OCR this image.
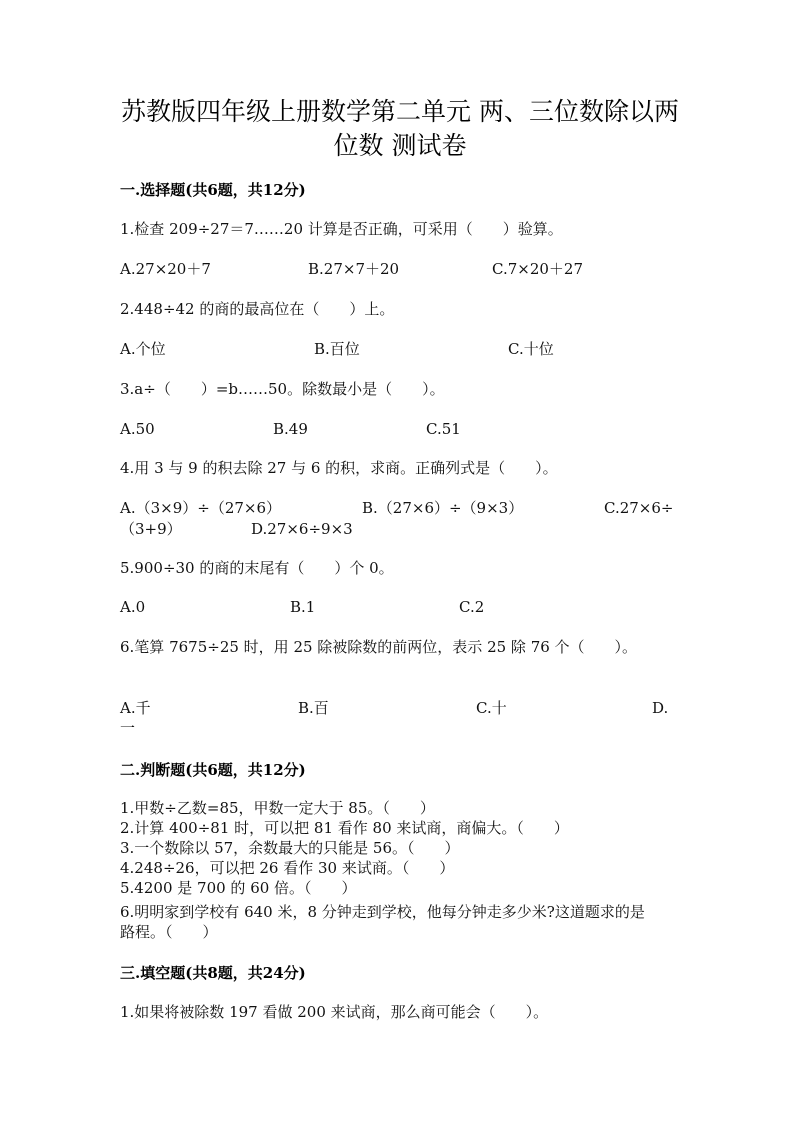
苏教版四年级上册数学第二单元 两、三位数除以两
位数 测试卷
一.选择题(共6题，共12分)
1.检查 209÷27＝7……20 计算是否正确，可采用（　　）验算。
A.27×20＋7	B.27×7＋20	C.7×20＋27
2.448÷42 的商的最高位在（　　）上。
A.个位	B.百位	C.十位
3.a÷（　　）=b……50。除数最小是（　　）。
A.50	B.49	C.51
4.用 3 与 9 的积去除 27 与 6 的积，求商。正确列式是（　　）。
A.（3×9）÷（27×6）	B.（27×6）÷（9×3）	C.27×6÷
（3+9）	D.27×6÷9×3
5.900÷30 的商的末尾有（　　）个 0。
A.0	B.1	C.2
6.笔算 7675÷25 时，用 25 除被除数的前两位，表示 25 除 76 个（　　）。
A.千	B.百	C.十	D.
一
二.判断题(共6题，共12分)
1.甲数÷乙数=85，甲数一定大于 85。（　　）
2.计算 400÷81 时，可以把 81 看作 80 来试商，商偏大。（　　）
3.一个数除以 57，余数最大的只能是 56。（　　）
4.248÷26，可以把 26 看作 30 来试商。（　　）
5.4200 是 700 的 60 倍。（　　）
6.明明家到学校有 640 米，8 分钟走到学校，他每分钟走多少米?这道题求的是
路程。（　　）
三.填空题(共8题，共24分)
1.如果将被除数 197 看做 200 来试商，那么商可能会（　　）。
